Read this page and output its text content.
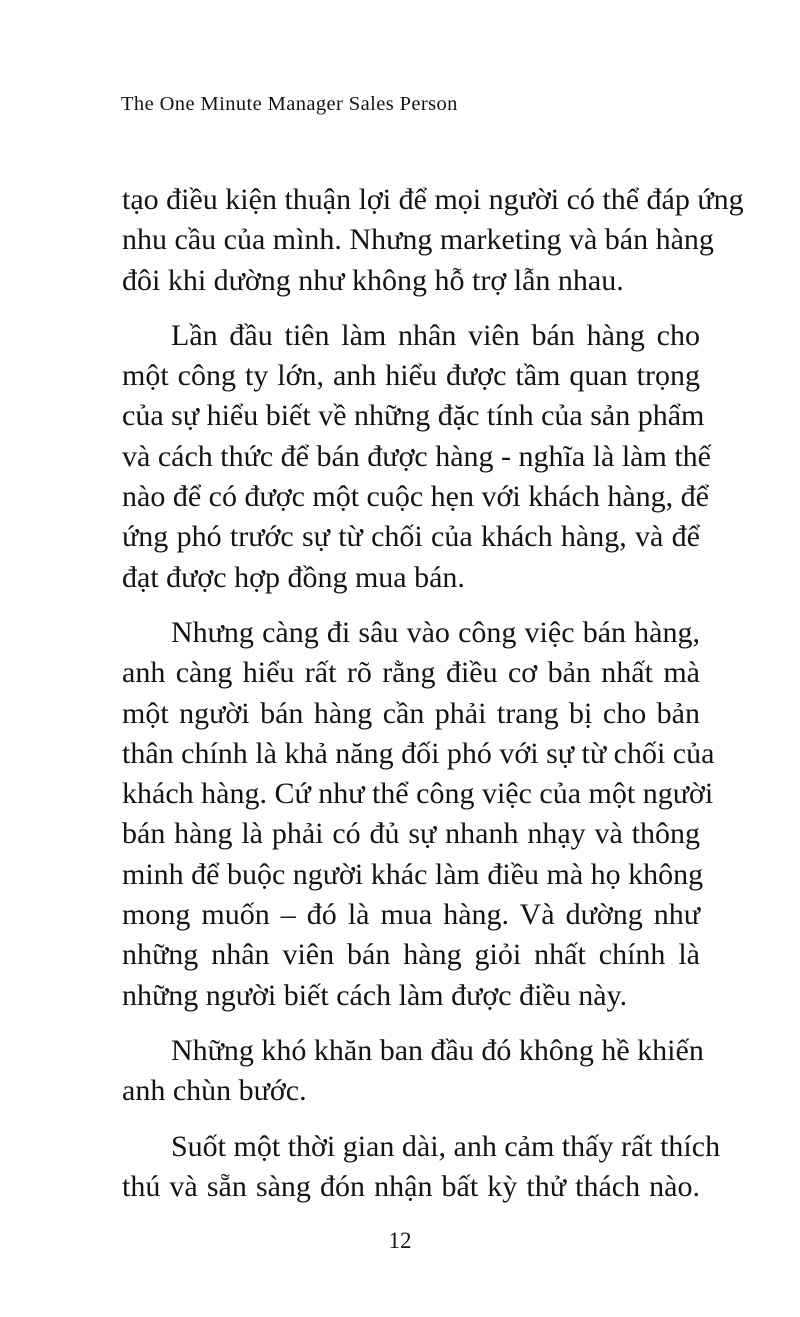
The One Minute Manager Sales Person

tạo điều kiện thuận lợi để mọi người có thể đáp ứng
nhu cầu của mình. Nhưng marketing và bán hàng
đôi khi dường như không hỗ trợ lẫn nhau.

Lần đầu tiên làm nhân viên bán hàng cho
một công ty lớn, anh hiểu được tầm quan trọng
của sự hiểu biết về những đặc tính của sản phẩm
và cách thức để bán được hàng - nghĩa là làm thế
nào để có được một cuộc hẹn với khách hàng, để
ứng phó trước sự từ chối của khách hàng, và để
đạt được hợp đồng mua bán.

Nhưng càng đi sâu vào công việc bán hàng,
anh càng hiểu rất rõ rằng điều cơ bản nhất mà
một người bán hàng cần phải trang bị cho bản
thân chính là khả năng đối phó với sự từ chối của
khách hàng. Cứ như thể công việc của một người
bán hàng là phải có đủ sự nhanh nhạy và thông
minh để buộc người khác làm điều mà họ không
mong muốn – đó là mua hàng. Và dường như
những nhân viên bán hàng giỏi nhất chính là
những người biết cách làm được điều này.

Những khó khăn ban đầu đó không hề khiến
anh chùn bước.

Suốt một thời gian dài, anh cảm thấy rất thích
thú và sẵn sàng đón nhận bất kỳ thử thách nào.

12
